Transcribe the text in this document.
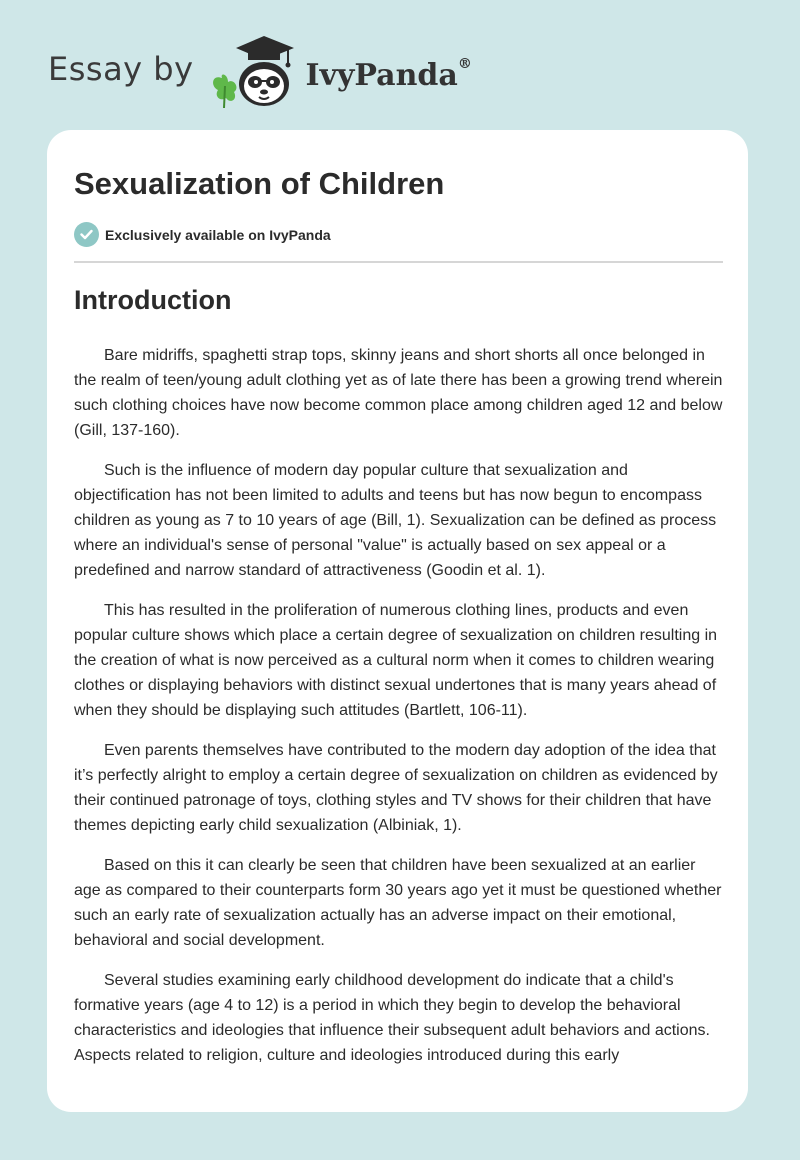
Essay by	IvyPanda®
Sexualization of Children
Exclusively available on IvyPanda
Introduction

Bare midriffs, spaghetti strap tops, skinny jeans and short shorts all once belonged in the realm of teen/young adult clothing yet as of late there has been a growing trend wherein such clothing choices have now become common place among children aged 12 and below (Gill, 137-160).

Such is the influence of modern day popular culture that sexualization and objectification has not been limited to adults and teens but has now begun to encompass children as young as 7 to 10 years of age (Bill, 1). Sexualization can be defined as process where an individual's sense of personal "value" is actually based on sex appeal or a predefined and narrow standard of attractiveness (Goodin et al. 1).

This has resulted in the proliferation of numerous clothing lines, products and even popular culture shows which place a certain degree of sexualization on children resulting in the creation of what is now perceived as a cultural norm when it comes to children wearing clothes or displaying behaviors with distinct sexual undertones that is many years ahead of when they should be displaying such attitudes (Bartlett, 106-11).

Even parents themselves have contributed to the modern day adoption of the idea that it’s perfectly alright to employ a certain degree of sexualization on children as evidenced by their continued patronage of toys, clothing styles and TV shows for their children that have themes depicting early child sexualization (Albiniak, 1).

Based on this it can clearly be seen that children have been sexualized at an earlier age as compared to their counterparts form 30 years ago yet it must be questioned whether such an early rate of sexualization actually has an adverse impact on their emotional, behavioral and social development.

Several studies examining early childhood development do indicate that a child's formative years (age 4 to 12) is a period in which they begin to develop the behavioral characteristics and ideologies that influence their subsequent adult behaviors and actions. Aspects related to religion, culture and ideologies introduced during this early
